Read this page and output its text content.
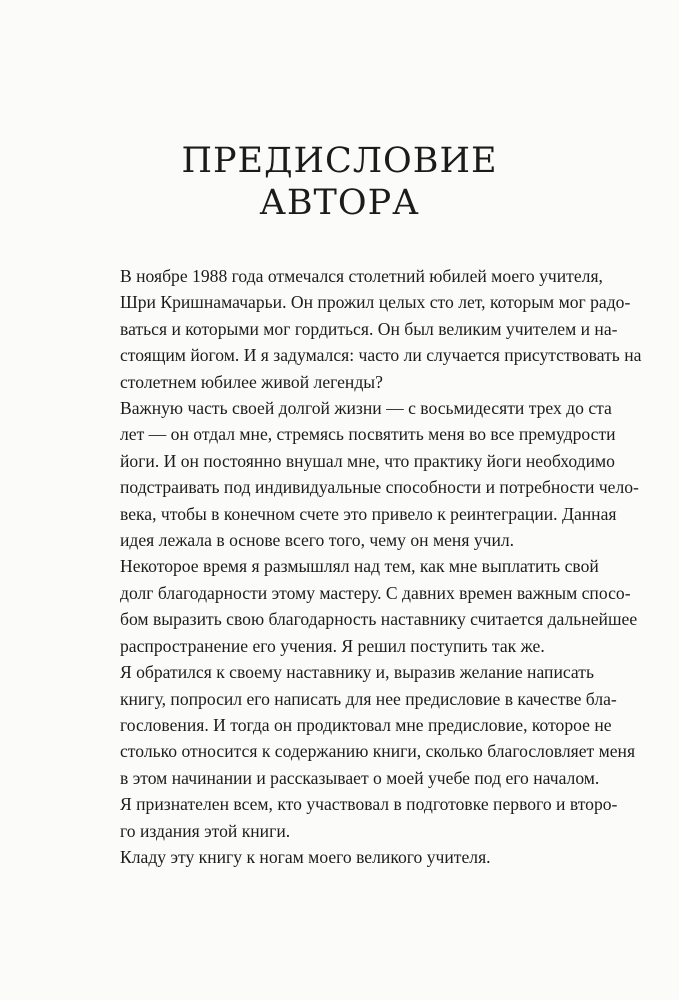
ПРЕДИСЛОВИЕ
АВТОРА

В ноябре 1988 года отмечался столетний юбилей моего учителя,
Шри Кришнамачарьи. Он прожил целых сто лет, которым мог радо-
ваться и которыми мог гордиться. Он был великим учителем и на-
стоящим йогом. И я задумался: часто ли случается присутствовать на
столетнем юбилее живой легенды?

Важную часть своей долгой жизни — с восьмидесяти трех до ста
лет — он отдал мне, стремясь посвятить меня во все премудрости
йоги. И он постоянно внушал мне, что практику йоги необходимо
подстраивать под индивидуальные способности и потребности чело-
века, чтобы в конечном счете это привело к реинтеграции. Данная
идея лежала в основе всего того, чему он меня учил.

Некоторое время я размышлял над тем, как мне выплатить свой
долг благодарности этому мастеру. С давних времен важным спосо-
бом выразить свою благодарность наставнику считается дальнейшее
распространение его учения. Я решил поступить так же.

Я обратился к своему наставнику и, выразив желание написать
книгу, попросил его написать для нее предисловие в качестве бла-
гословения. И тогда он продиктовал мне предисловие, которое не
столько относится к содержанию книги, сколько благословляет меня
в этом начинании и рассказывает о моей учебе под его началом.

Я признателен всем, кто участвовал в подготовке первого и второ-
го издания этой книги.

Кладу эту книгу к ногам моего великого учителя.
